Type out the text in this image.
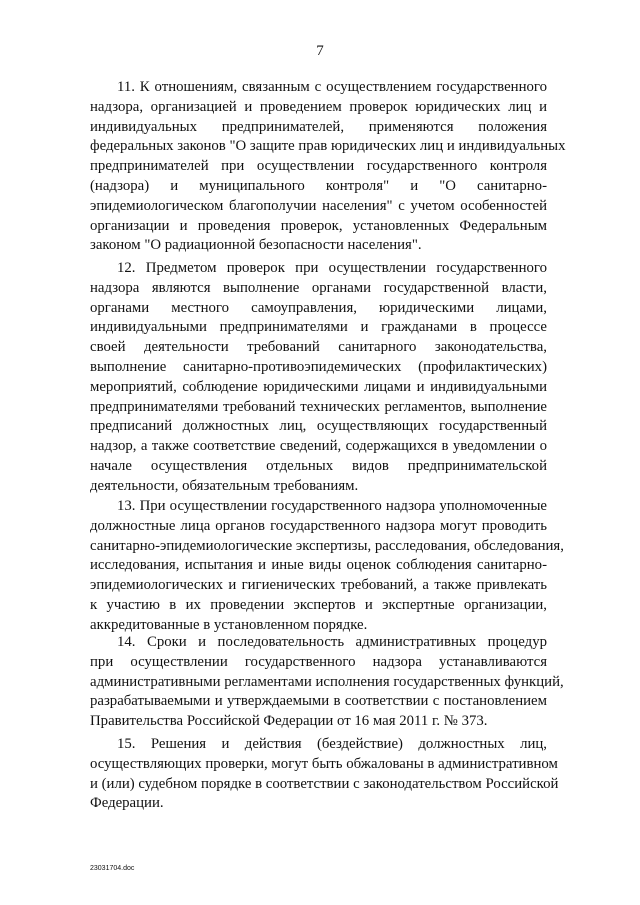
7
11. К отношениям, связанным с осуществлением государственного
надзора, организацией и проведением проверок юридических лиц и
индивидуальных предпринимателей, применяются положения
федеральных законов "О защите прав юридических лиц и индивидуальных
предпринимателей при осуществлении государственного контроля
(надзора) и муниципального контроля" и "О санитарно-
эпидемиологическом благополучии населения" с учетом особенностей
организации и проведения проверок, установленных Федеральным
законом "О радиационной безопасности населения".
12. Предметом проверок при осуществлении государственного
надзора являются выполнение органами государственной власти,
органами местного самоуправления, юридическими лицами,
индивидуальными предпринимателями и гражданами в процессе
своей деятельности требований санитарного законодательства,
выполнение санитарно-противоэпидемических (профилактических)
мероприятий, соблюдение юридическими лицами и индивидуальными
предпринимателями требований технических регламентов, выполнение
предписаний должностных лиц, осуществляющих государственный
надзор, а также соответствие сведений, содержащихся в уведомлении о
начале осуществления отдельных видов предпринимательской
деятельности, обязательным требованиям.
13. При осуществлении государственного надзора уполномоченные
должностные лица органов государственного надзора могут проводить
санитарно-эпидемиологические экспертизы, расследования, обследования,
исследования, испытания и иные виды оценок соблюдения санитарно-
эпидемиологических и гигиенических требований, а также привлекать
к участию в их проведении экспертов и экспертные организации,
аккредитованные в установленном порядке.
14. Сроки и последовательность административных процедур
при осуществлении государственного надзора устанавливаются
административными регламентами исполнения государственных функций,
разрабатываемыми и утверждаемыми в соответствии с постановлением
Правительства Российской Федерации от 16 мая 2011 г. № 373.
15. Решения и действия (бездействие) должностных лиц,
осуществляющих проверки, могут быть обжалованы в административном
и (или) судебном порядке в соответствии с законодательством Российской
Федерации.
23031704.doc
